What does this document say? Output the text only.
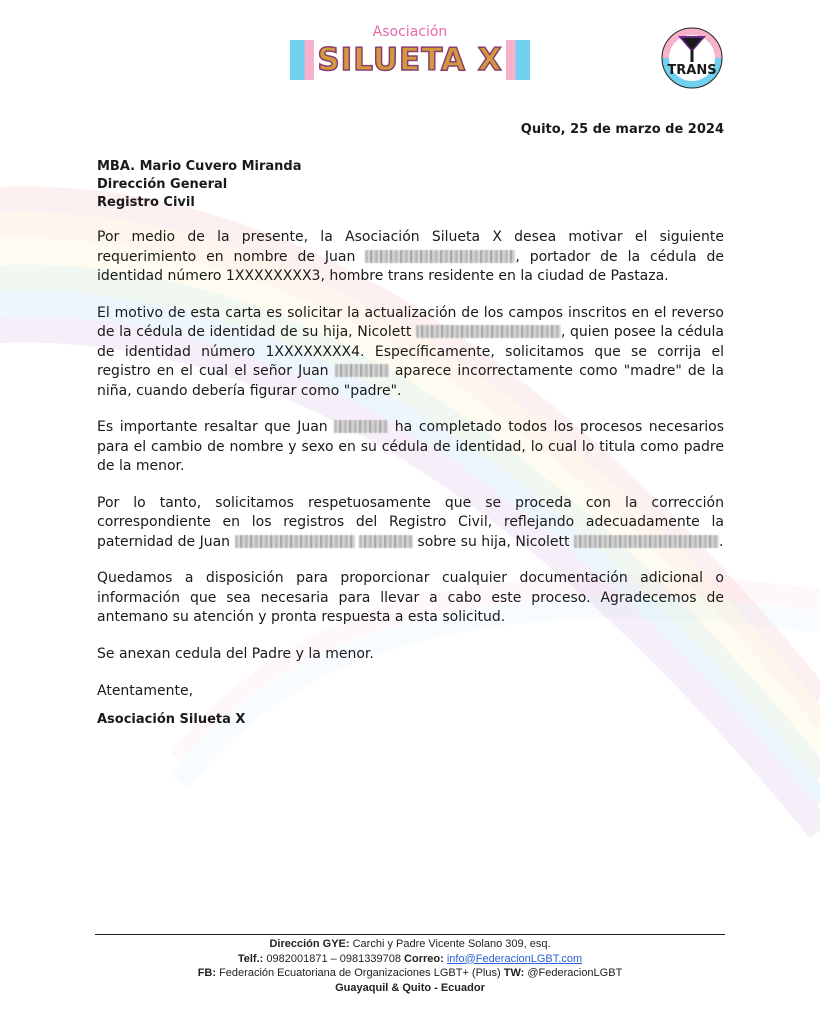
Asociación
SILUETA X	TRANS
Quito, 25 de marzo de 2024
MBA. Mario Cuvero Miranda
Dirección General
Registro Civil

Por medio de la presente, la Asociación Silueta X desea motivar el siguiente requerimiento en nombre de Juan	, portador de la cédula de identidad número 1XXXXXXXX3, hombre trans residente en la ciudad de Pastaza.

El motivo de esta carta es solicitar la actualización de los campos inscritos en el reverso de la cédula de identidad de su hija, Nicolett	, quien posee la cédula de identidad número 1XXXXXXXX4. Específicamente, solicitamos que se corrija el registro en el cual el señor Juan	aparece incorrectamente como "madre" de la niña, cuando debería figurar como "padre".

Es importante resaltar que Juan	ha completado todos los procesos necesarios para el cambio de nombre y sexo en su cédula de identidad, lo cual lo titula como padre de la menor.

Por lo tanto, solicitamos respetuosamente que se proceda con la corrección correspondiente en los registros del Registro Civil, reflejando adecuadamente la paternidad de Juan	sobre su hija, Nicolett	.

Quedamos a disposición para proporcionar cualquier documentación adicional o información que sea necesaria para llevar a cabo este proceso. Agradecemos de antemano su atención y pronta respuesta a esta solicitud.

Se anexan cedula del Padre y la menor.

Atentamente,

Asociación Silueta X
Dirección GYE: Carchi y Padre Vicente Solano 309, esq.
Telf.: 0982001871 – 0981339708 Correo: info@FederacionLGBT.com
FB: Federación Ecuatoriana de Organizaciones LGBT+ (Plus) TW: @FederacionLGBT
Guayaquil & Quito - Ecuador
